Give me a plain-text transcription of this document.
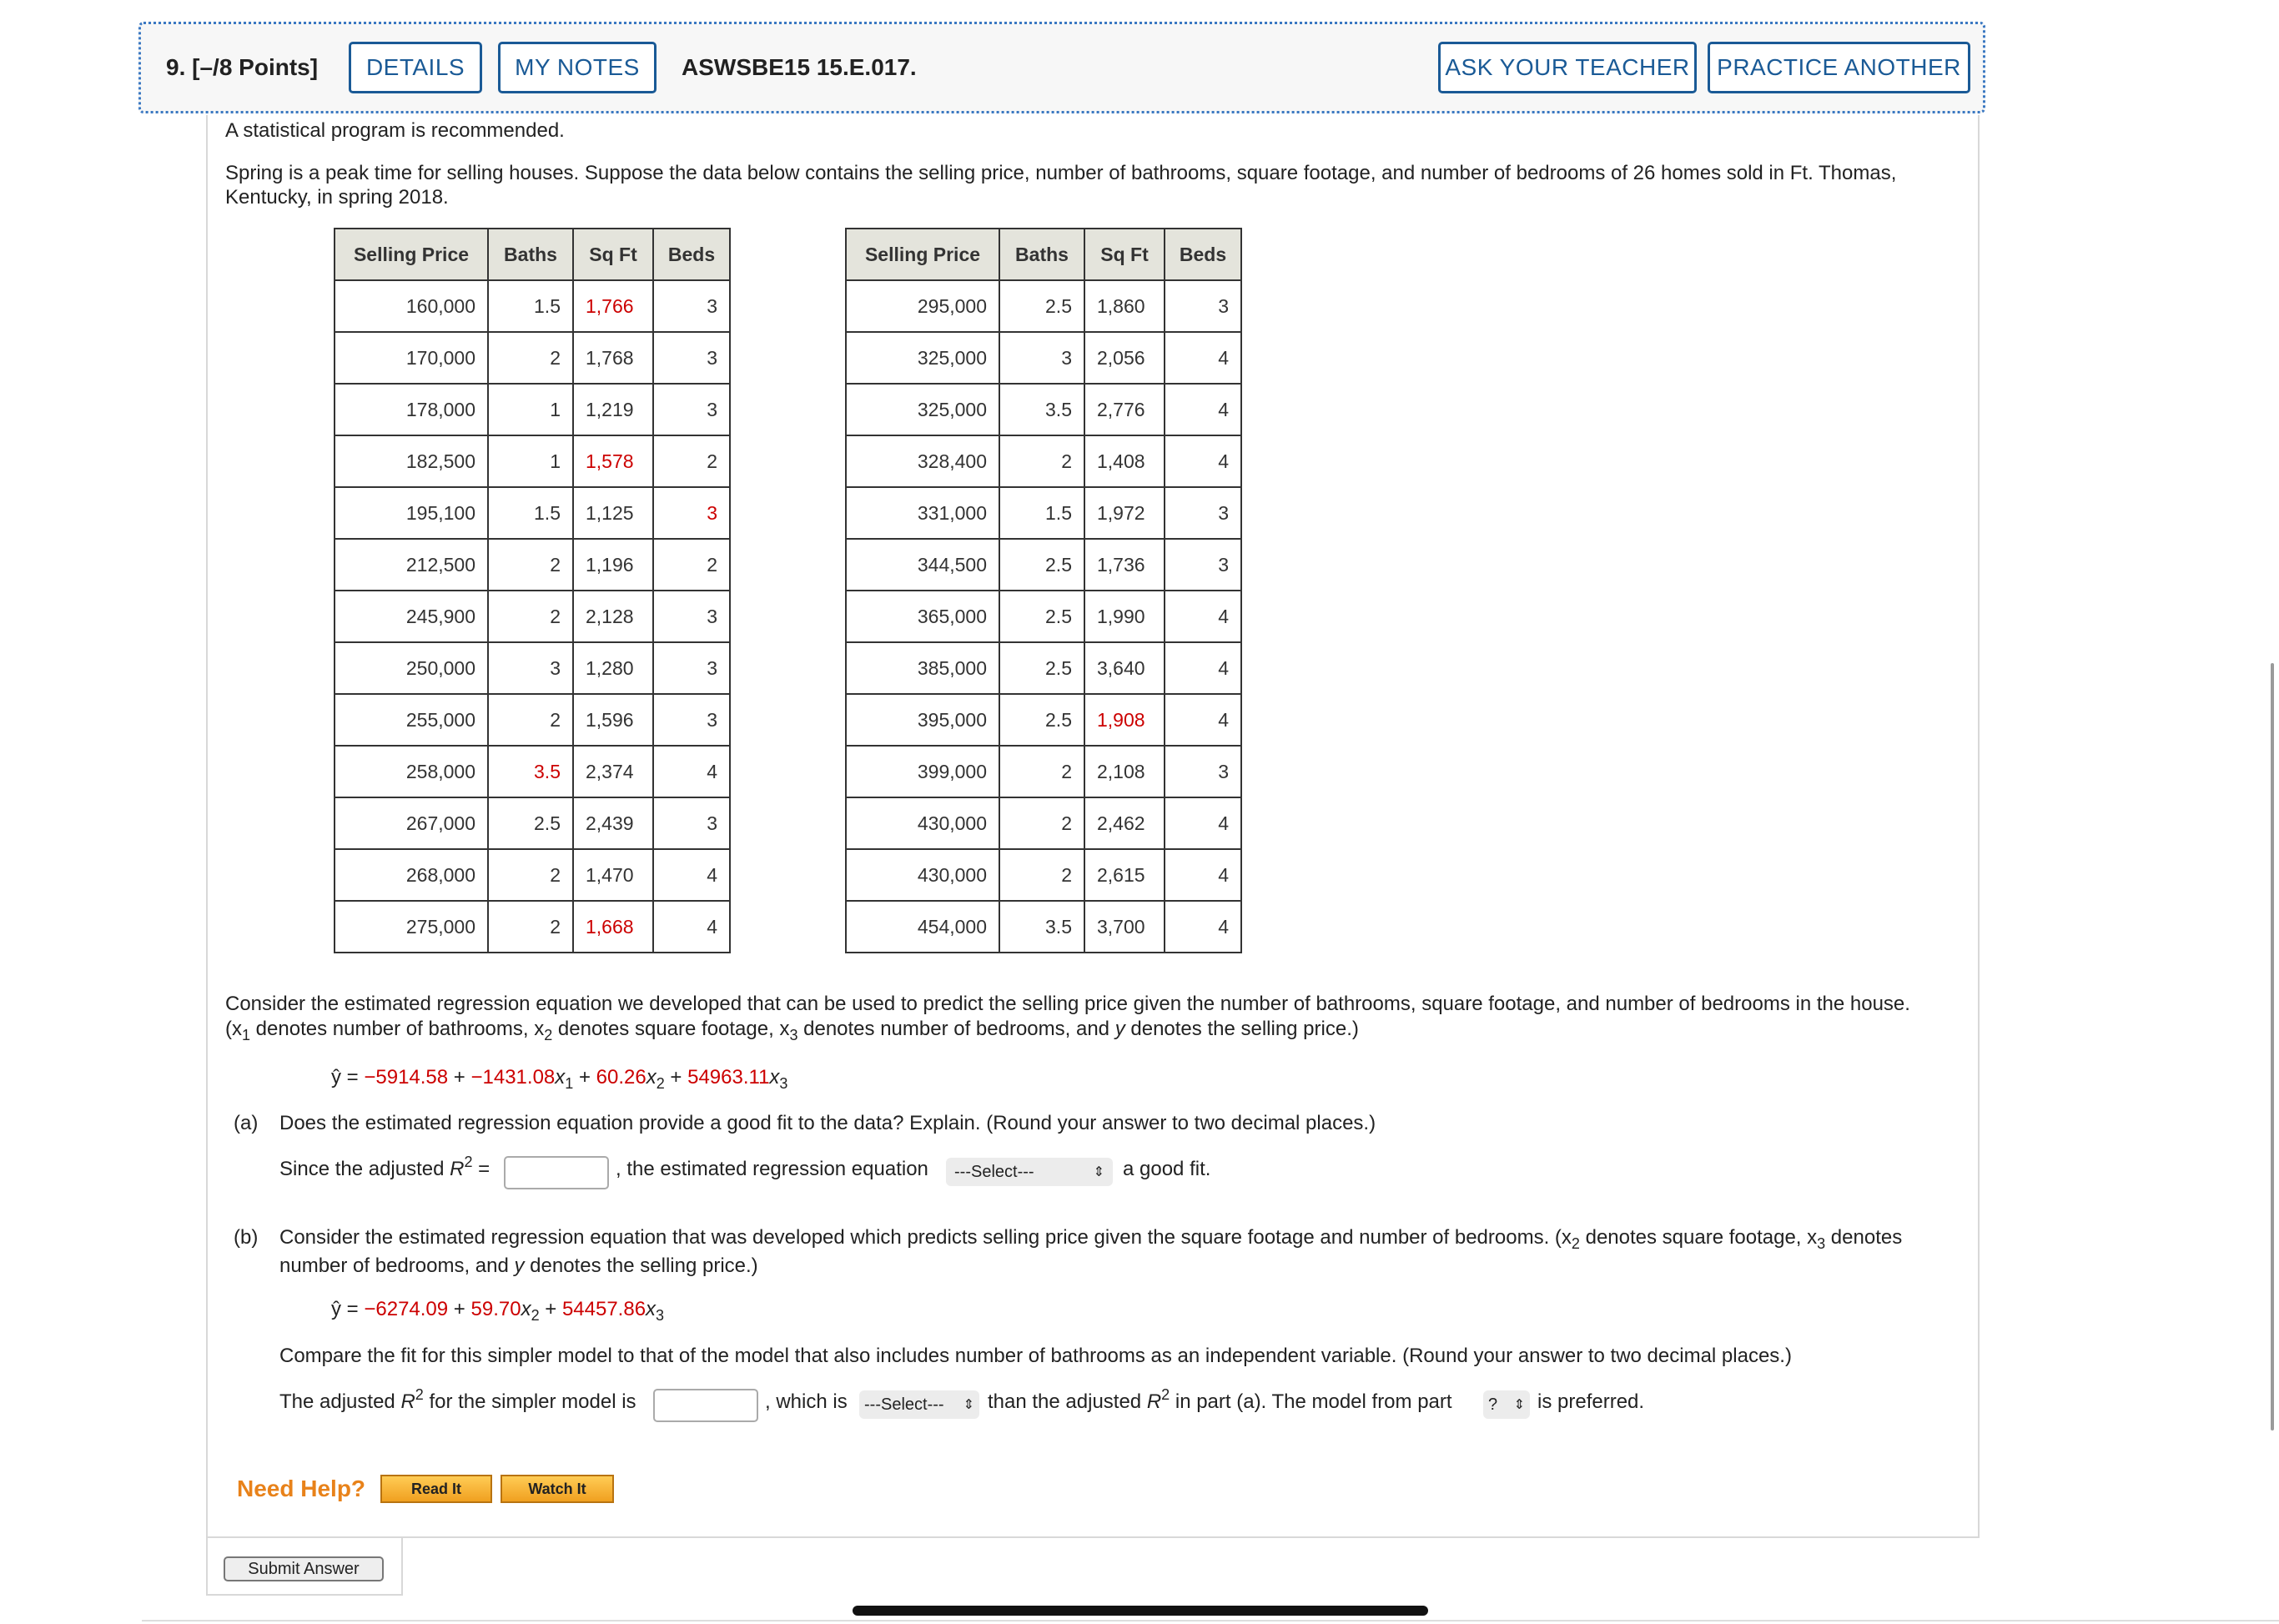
9. [–/8 Points]	DETAILS	MY NOTES	ASWSBE15 15.E.017.	ASK YOUR TEACHER	PRACTICE ANOTHER
A statistical program is recommended.
Spring is a peak time for selling houses. Suppose the data below contains the selling price, number of bathrooms, square footage, and number of bedrooms of 26 homes sold in Ft. Thomas,
Kentucky, in spring 2018.
Selling Price	Baths	Sq Ft	Beds
160,000	1.5	1,766	3
170,000	2	1,768	3
178,000	1	1,219	3
182,500	1	1,578	2
195,100	1.5	1,125	3
212,500	2	1,196	2
245,900	2	2,128	3
250,000	3	1,280	3
255,000	2	1,596	3
258,000	3.5	2,374	4
267,000	2.5	2,439	3
268,000	2	1,470	4
275,000	2	1,668	4
Selling Price	Baths	Sq Ft	Beds
295,000	2.5	1,860	3
325,000	3	2,056	4
325,000	3.5	2,776	4
328,400	2	1,408	4
331,000	1.5	1,972	3
344,500	2.5	1,736	3
365,000	2.5	1,990	4
385,000	2.5	3,640	4
395,000	2.5	1,908	4
399,000	2	2,108	3
430,000	2	2,462	4
430,000	2	2,615	4
454,000	3.5	3,700	4
Consider the estimated regression equation we developed that can be used to predict the selling price given the number of bathrooms, square footage, and number of bedrooms in the house.
($x_1$ denotes number of bathrooms, $x_2$ denotes square footage, $x_3$ denotes number of bedrooms, and y denotes the selling price.)
ŷ = $-5914.58 + -1431.08x_1 + 60.26x_2 + 54963.11x_3$
(a) Does the estimated regression equation provide a good fit to the data? Explain. (Round your answer to two decimal places.)
Since the adjusted $R^2$ =	, the estimated regression equation ---Select---	⇕ a good fit.
(b) Consider the estimated regression equation that was developed which predicts selling price given the square footage and number of bedrooms. ($x_2$ denotes square footage, $x_3$ denotes
number of bedrooms, and y denotes the selling price.)
ŷ = $-6274.09 + 59.70x_2 + 54457.86x_3$
Compare the fit for this simpler model to that of the model that also includes number of bathrooms as an independent variable. (Round your answer to two decimal places.)
The adjusted $R^2$ for the simpler model is	, which is ---Select--- ⇕ than the adjusted $R^2$ in part (a). The model from part ? ⇕ is preferred.
Need Help?	Read It	Watch It
Submit Answer
